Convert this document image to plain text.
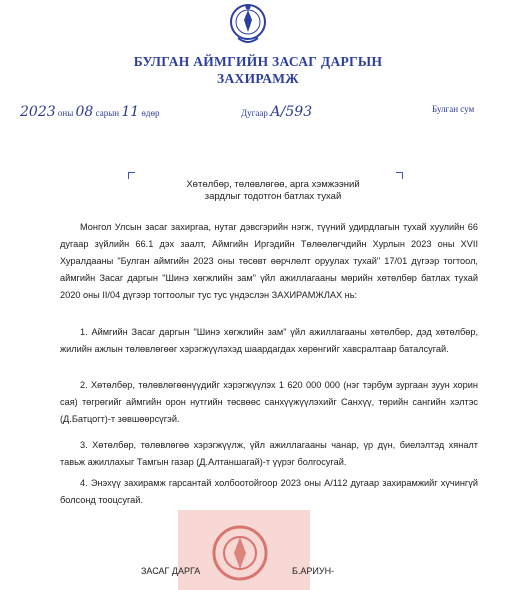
БУЛГАН АЙМГИЙН ЗАСАГ ДАРГЫН
ЗАХИРАМЖ
2023 оны 08 сарын 11 өдөр	Дугаар А/593	Булган сум
Хөтөлбөр, төлөвлөгөө, арга хэмжээний
зардлыг тодотгон батлах тухай
Монгол Улсын засаг захиргаа, нутаг дэвсгэрийн нэгж, түүний удирдлагын тухай хуулийн 66 дугаар зүйлийн 66.1 дэх заалт, Аймгийн Иргэдийн Төлөөлөгчдийн Хурлын 2023 оны XVII Хуралдааны "Булган аймгийн 2023 оны төсөвт өөрчлөлт оруулах тухай" 17/01 дүгээр тогтоол, аймгийн Засаг даргын "Шинэ хөгжлийн зам" үйл ажиллагааны мөрийн хөтөлбөр батлах тухай 2020 оны II/04 дүгээр тогтоолыг тус тус үндэслэн ЗАХИРАМЖЛАХ нь:
1. Аймгийн Засаг даргын "Шинэ хөгжлийн зам" үйл ажиллагааны хөтөлбөр, дэд хөтөлбөр, жилийн ажлын төлөвлөгөөг хэрэгжүүлэхэд шаардагдах хөрөнгийг хавсралтаар баталсугай.
2. Хөтөлбөр, төлөвлөгөөнүүдийг хэрэгжүүлэх 1 620 000 000 (нэг тэрбум зургаан зуун хорин сая) төгрөгийг аймгийн орон нутгийн төсвөөс санхүүжүүлэхийг Санхүү, төрийн сангийн хэлтэс (Д.Батцогт)-т зөвшөөрсүгэй.
3. Хөтөлбөр, төлөвлөгөө хэрэгжүүлж, үйл ажиллагааны чанар, үр дүн, биелэлтэд хяналт тавьж ажиллахыг Тамгын газар (Д.Алтаншагай)-т үүрэг болгосугай.
4. Энэхүү захирамж гарсантай холбоотойгоор 2023 оны А/112 дугаар захирамжийг хүчингүй болсонд тооцсугай.
ЗАСАГ ДАРГА	Б.АРИУН-
